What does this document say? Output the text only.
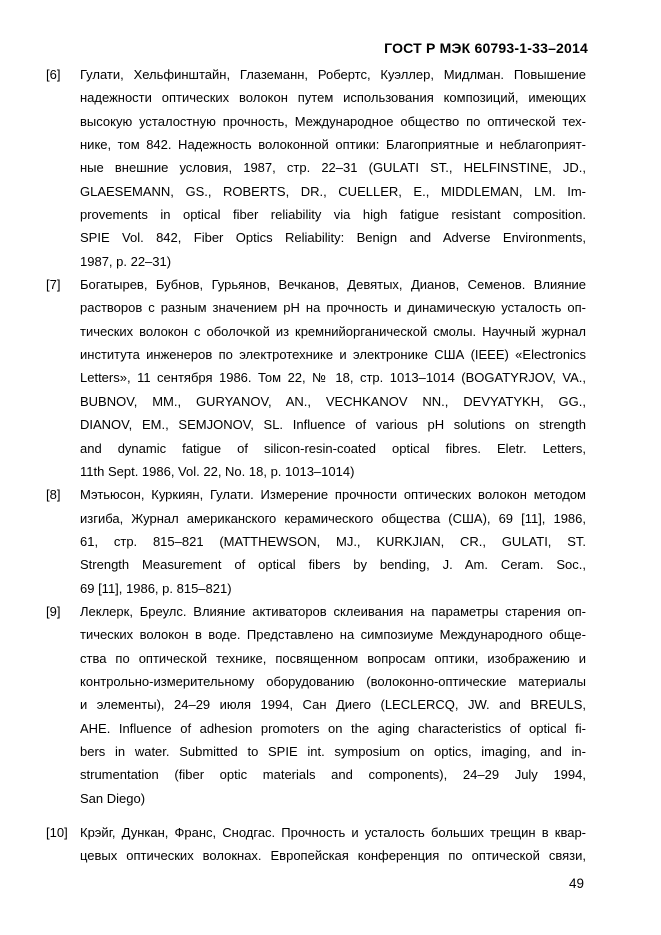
ГОСТ Р МЭК 60793-1-33–2014
[6] Гулати, Хельфинштайн, Глаземанн, Робертс, Куэллер, Мидлман. Повышение
надежности оптических волокон путем использования композиций, имеющих
высокую усталостную прочность, Международное общество по оптической тех-
нике, том 842. Надежность волоконной оптики: Благоприятные и неблагоприят-
ные внешние условия, 1987, стр. 22–31 (GULATI ST., HELFINSTINE, JD.,
GLAESEMANN, GS., ROBERTS, DR., CUELLER, E., MIDDLEMAN, LM. Im-
provements in optical fiber reliability via high fatigue resistant composition.
SPIE Vol. 842, Fiber Optics Reliability: Benign and Adverse Environments,
1987, p. 22–31)
[7] Богатырев, Бубнов, Гурьянов, Вечканов, Девятых, Дианов, Семенов. Влияние
растворов с разным значением pH на прочность и динамическую усталость оп-
тических волокон с оболочкой из кремнийорганической смолы. Научный журнал
института инженеров по электротехнике и электронике США (IEEE) «Electronics
Letters», 11 сентября 1986. Том 22, № 18, стр. 1013–1014 (BOGATYRJOV, VA.,
BUBNOV, MM., GURYANOV, AN., VECHKANOV NN., DEVYATYKH, GG.,
DIANOV, EM., SEMJONOV, SL. Influence of various pH solutions on strength
and dynamic fatigue of silicon-resin-coated optical fibres. Eletr. Letters,
11th Sept. 1986, Vol. 22, No. 18, p. 1013–1014)
[8] Мэтьюсон, Куркиян, Гулати. Измерение прочности оптических волокон методом
изгиба, Журнал американского керамического общества (США), 69 [11], 1986,
61, стр. 815–821 (MATTHEWSON, MJ., KURKJIAN, CR., GULATI, ST.
Strength Measurement of optical fibers by bending, J. Am. Ceram. Soc.,
69 [11], 1986, p. 815–821)
[9] Леклерк, Бреулс. Влияние активаторов склеивания на параметры старения оп-
тических волокон в воде. Представлено на симпозиуме Международного обще-
ства по оптической технике, посвященном вопросам оптики, изображению и
контрольно-измерительному оборудованию (волоконно-оптические материалы
и элементы), 24–29 июля 1994, Сан Диего (LECLERCQ, JW. and BREULS,
AHE. Influence of adhesion promoters on the aging characteristics of optical fi-
bers in water. Submitted to SPIE int. symposium on optics, imaging, and in-
strumentation (fiber optic materials and components), 24–29 July 1994,
San Diego)
[10] Крэйг, Дункан, Франс, Снодгас. Прочность и усталость больших трещин в квар-
цевых оптических волокнах. Европейская конференция по оптической связи,
49
